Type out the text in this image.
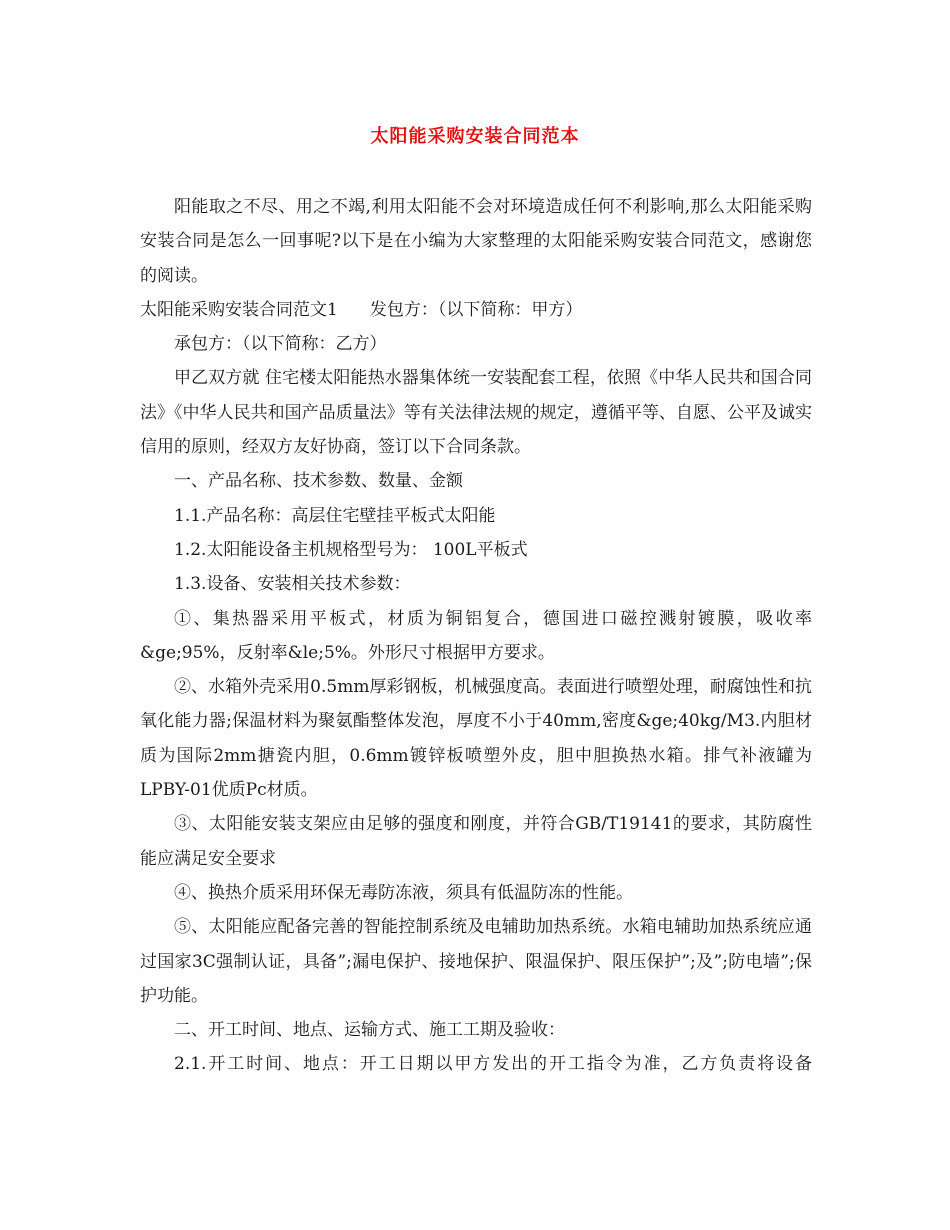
太阳能采购安装合同范本

阳能取之不尽、用之不竭,利用太阳能不会对环境造成任何不利影响,那么太阳能采购安装合同是怎么一回事呢?以下是在小编为大家整理的太阳能采购安装合同范文，感谢您的阅读。

太阳能采购安装合同范文1 发包方：（以下简称：甲方）

承包方：（以下简称：乙方）

甲乙双方就 住宅楼太阳能热水器集体统一安装配套工程，依照《中华人民共和国合同法》《中华人民共和国产品质量法》等有关法律法规的规定，遵循平等、自愿、公平及诚实信用的原则，经双方友好协商，签订以下合同条款。

一、产品名称、技术参数、数量、金额

1.1.产品名称：高层住宅壁挂平板式太阳能

1.2.太阳能设备主机规格型号为： 100L平板式

1.3.设备、安装相关技术参数：

①、集热器采用平板式，材质为铜铝复合，德国进口磁控溅射镀膜，吸收率&ge;95%，反射率&le;5%。外形尺寸根据甲方要求。

②、水箱外壳采用0.5mm厚彩钢板，机械强度高。表面进行喷塑处理，耐腐蚀性和抗氧化能力器;保温材料为聚氨酯整体发泡，厚度不小于40mm,密度&ge;40kg/M3.内胆材质为国际2mm搪瓷内胆，0.6mm镀锌板喷塑外皮，胆中胆换热水箱。排气补液罐为LPBY-01优质Pc材质。

③、太阳能安装支架应由足够的强度和刚度，并符合GB/T19141的要求，其防腐性能应满足安全要求

④、换热介质采用环保无毒防冻液，须具有低温防冻的性能。

⑤、太阳能应配备完善的智能控制系统及电辅助加热系统。水箱电辅助加热系统应通过国家3C强制认证，具备”;漏电保护、接地保护、限温保护、限压保护”;及”;防电墙”;保护功能。

二、开工时间、地点、运输方式、施工工期及验收：

2.1.开工时间、地点：开工日期以甲方发出的开工指令为准，乙方负责将设备
